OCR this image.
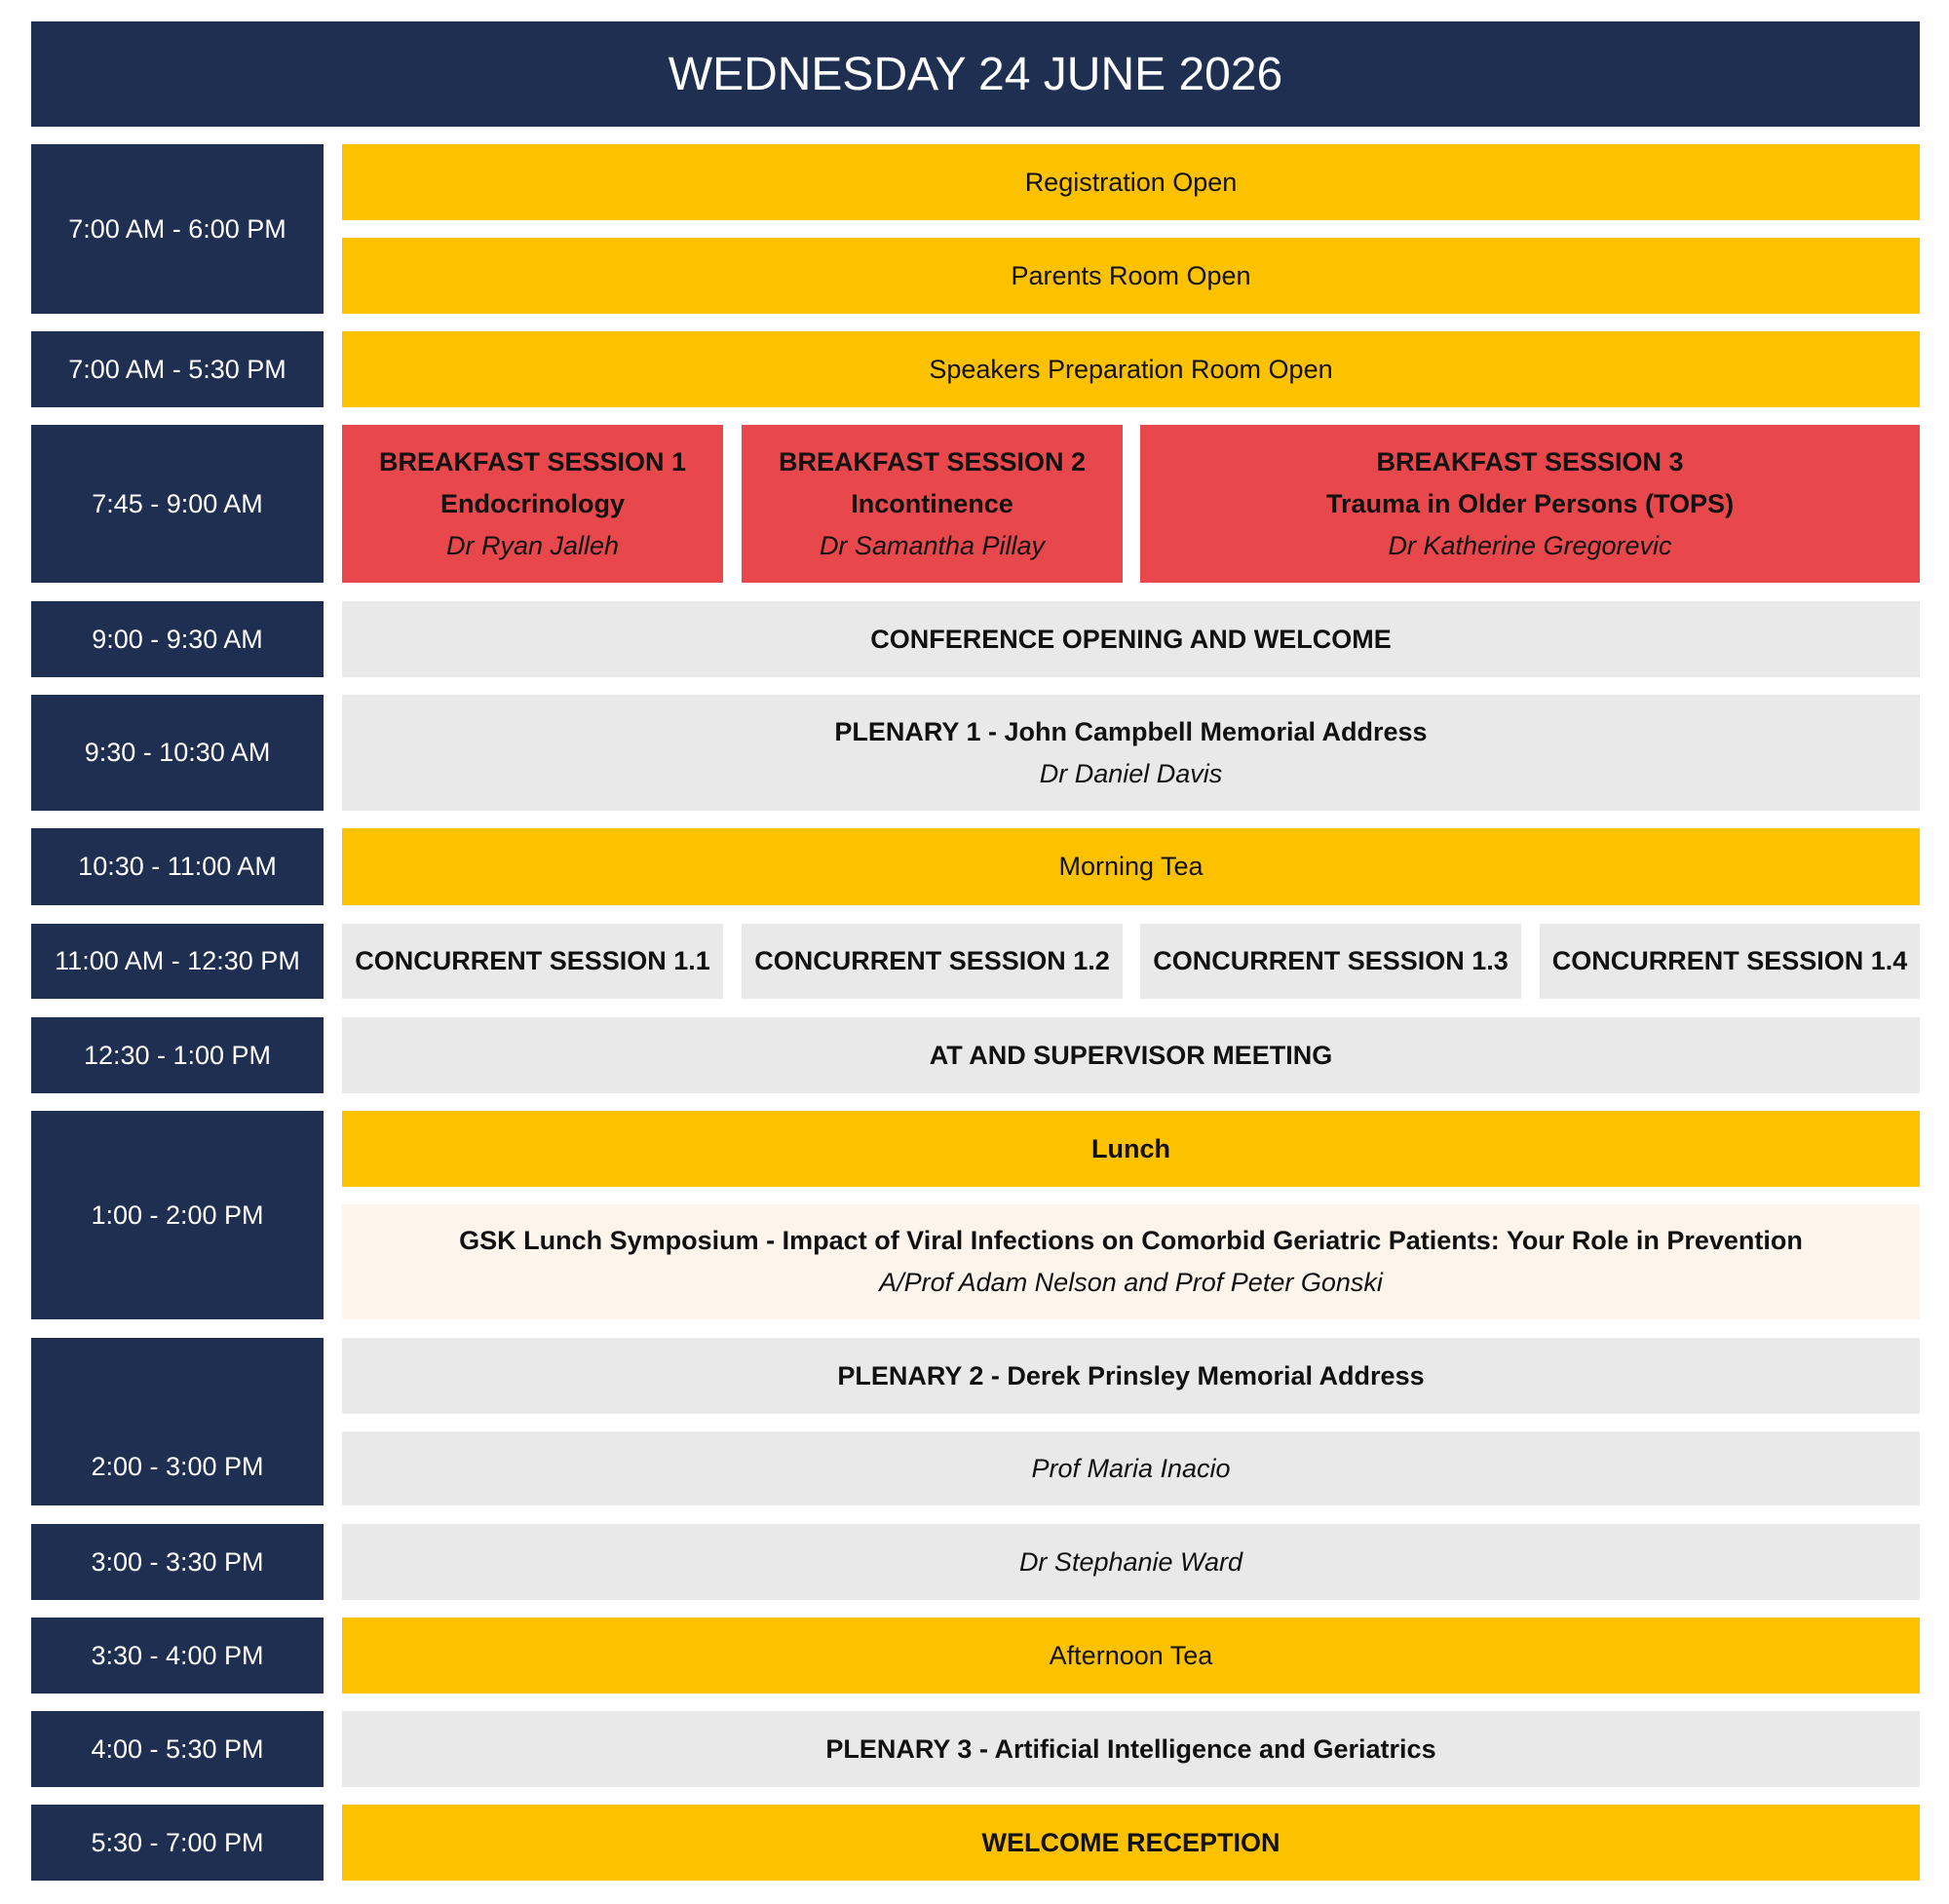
WEDNESDAY 24 JUNE 2026
7:00 AM - 6:00 PM
7:00 AM - 5:30 PM
7:45 - 9:00 AM
9:00 - 9:30 AM
9:30 - 10:30 AM
10:30 - 11:00 AM
11:00 AM - 12:30 PM
12:30 - 1:00 PM
1:00 - 2:00 PM
2:00 - 3:00 PM
3:00 - 3:30 PM
3:30 - 4:00 PM
4:00 - 5:30 PM
5:30 - 7:00 PM
Registration Open
Parents Room Open
Speakers Preparation Room Open
BREAKFAST SESSION 1
Endocrinology
Dr Ryan Jalleh
BREAKFAST SESSION 2
Incontinence
Dr Samantha Pillay
BREAKFAST SESSION 3
Trauma in Older Persons (TOPS)
Dr Katherine Gregorevic
CONFERENCE OPENING AND WELCOME
PLENARY 1 - John Campbell Memorial Address
Dr Daniel Davis
Morning Tea
CONCURRENT SESSION 1.1 CONCURRENT SESSION 1.2 CONCURRENT SESSION 1.3 CONCURRENT SESSION 1.4
AT AND SUPERVISOR MEETING
Lunch
GSK Lunch Symposium - Impact of Viral Infections on Comorbid Geriatric Patients: Your Role in Prevention
A/Prof Adam Nelson and Prof Peter Gonski
PLENARY 2 - Derek Prinsley Memorial Address
Prof Maria Inacio
Dr Stephanie Ward
Afternoon Tea
PLENARY 3 - Artificial Intelligence and Geriatrics
WELCOME RECEPTION
